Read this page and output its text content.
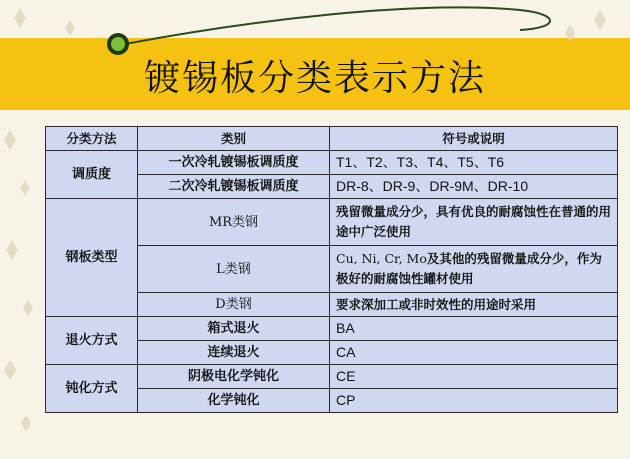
镀锡板分类表示方法
分类方法	类别	符号或说明
调质度	一次冷轧镀锡板调质度	T1、T2、T3、T4、T5、T6
	二次冷轧镀锡板调质度	DR-8、DR-9、DR-9M、DR-10
钢板类型	MR类钢	残留微量成分少，具有优良的耐腐蚀性在普通的用途中广泛使用
	L类钢	Cu, Ni, Cr, Mo及其他的残留微量成分少，作为极好的耐腐蚀性罐材使用
	D类钢	要求深加工或非时效性的用途时采用
退火方式	箱式退火	BA
	连续退火	CA
钝化方式	阴极电化学钝化	CE
	化学钝化	CP
